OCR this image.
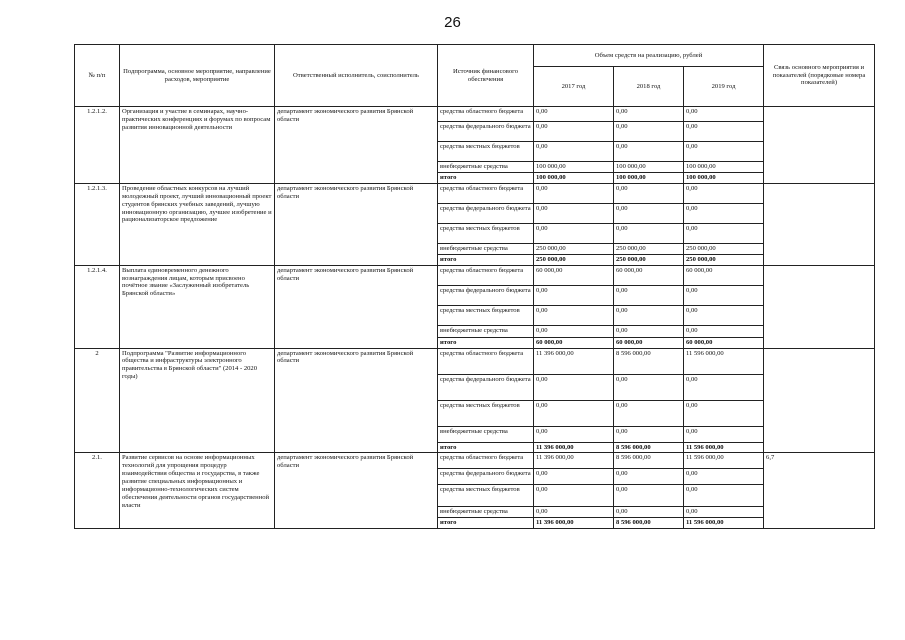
26
№ п/п	Подпрограмма, основное мероприятие, направление расходов, мероприятие	Ответственный исполнитель, соисполнитель	Источник финансового обеспечения	Объем средств на реализацию, рублей			Связь основного мероприятия и показателей (порядковые номера показателей)
				2017 год	2018 год	2019 год	
1.2.1.2.	Организация и участие в семинарах, научно-практических конференциях и форумах по вопросам развития инновационной деятельности	департамент экономического развития Брянской области	средства областного бюджета	0,00	0,00	0,00	
			средства федерального бюджета	0,00	0,00	0,00	
			средства местных бюджетов	0,00	0,00	0,00	
			внебюджетные средства	100 000,00	100 000,00	100 000,00	
			итого	100 000,00	100 000,00	100 000,00	
1.2.1.3.	Проведение областных конкурсов на лучший молодежный проект, лучший инновационный проект студентов брянских учебных заведений, лучшую инновационную организацию, лучшее изобретение и рационализаторское предложение	департамент экономического развития Брянской области	средства областного бюджета	0,00	0,00	0,00	
			средства федерального бюджета	0,00	0,00	0,00	
			средства местных бюджетов	0,00	0,00	0,00	
			внебюджетные средства	250 000,00	250 000,00	250 000,00	
			итого	250 000,00	250 000,00	250 000,00	
1.2.1.4.	Выплата единовременного денежного вознаграждения лицам, которым присвоено почётное звание «Заслуженный изобретатель Брянской области»	департамент экономического развития Брянской области	средства областного бюджета	60 000,00	60 000,00	60 000,00	
			средства федерального бюджета	0,00	0,00	0,00	
			средства местных бюджетов	0,00	0,00	0,00	
			внебюджетные средства	0,00	0,00	0,00	
			итого	60 000,00	60 000,00	60 000,00	
2	Подпрограмма "Развитие информационного общества и инфраструктуры электронного правительства в Брянской области" (2014 - 2020 годы)	департамент экономического развития Брянской области	средства областного бюджета	11 396 000,00	8 596 000,00	11 596 000,00	
			средства федерального бюджета	0,00	0,00	0,00	
			средства местных бюджетов	0,00	0,00	0,00	
			внебюджетные средства	0,00	0,00	0,00	
			итого	11 396 000,00	8 596 000,00	11 596 000,00	
2.1.	Развитие сервисов на основе информационных технологий для упрощения процедур взаимодействия общества и государства, в также развитие специальных информационных и информационно-технологических систем обеспечения деятельности органов государственной власти	департамент экономического развития Брянской области	средства областного бюджета	11 396 000,00	8 596 000,00	11 596 000,00	6,7
			средства федерального бюджета	0,00	0,00	0,00	
			средства местных бюджетов	0,00	0,00	0,00	
			внебюджетные средства	0,00	0,00	0,00	
			итого	11 396 000,00	8 596 000,00	11 596 000,00	
